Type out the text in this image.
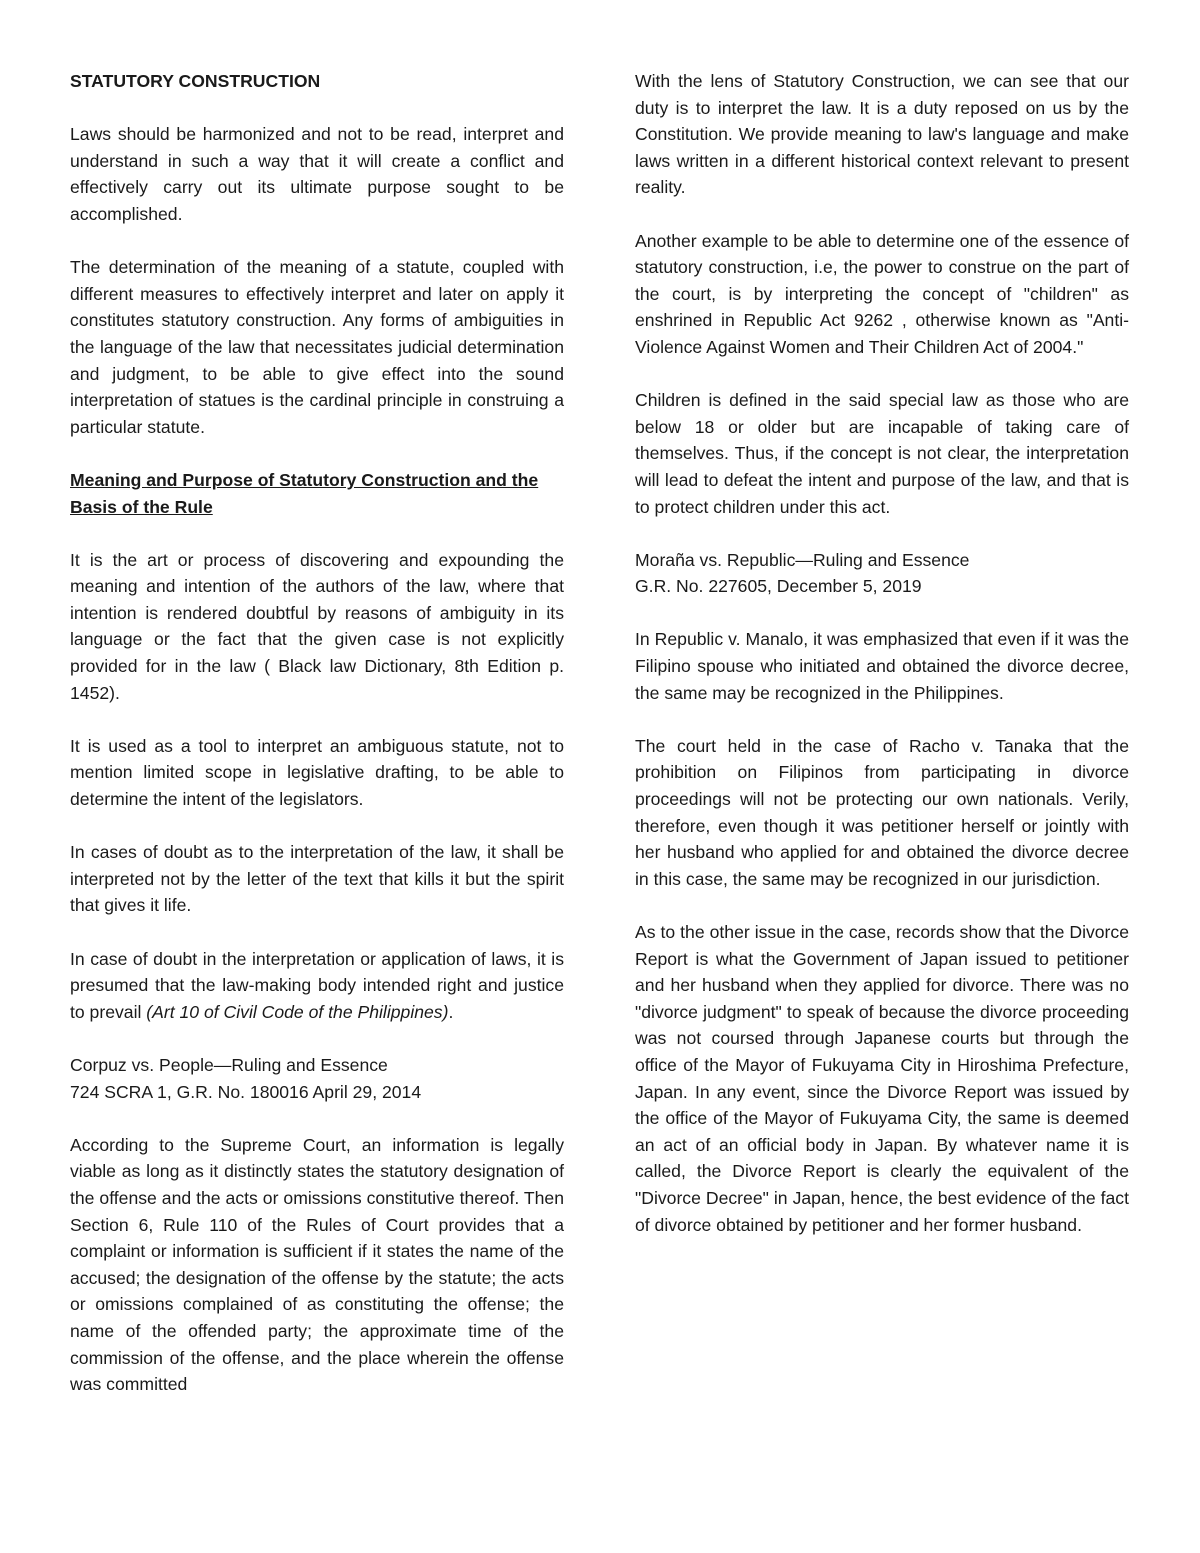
STATUTORY CONSTRUCTION

Laws should be harmonized and not to be read, interpret and understand in such a way that it will create a conflict and effectively carry out its ultimate purpose sought to be accomplished.

The determination of the meaning of a statute, coupled with different measures to effectively interpret and later on apply it constitutes statutory construction. Any forms of ambiguities in the language of the law that necessitates judicial determination and judgment, to be able to give effect into the sound interpretation of statues is the cardinal principle in construing a particular statute.

Meaning and Purpose of Statutory Construction and the Basis of the Rule

It is the art or process of discovering and expounding the meaning and intention of the authors of the law, where that intention is rendered doubtful by reasons of ambiguity in its language or the fact that the given case is not explicitly provided for in the law ( Black law Dictionary, 8th Edition p. 1452).

It is used as a tool to interpret an ambiguous statute, not to mention limited scope in legislative drafting, to be able to determine the intent of the legislators.

In cases of doubt as to the interpretation of the law, it shall be interpreted not by the letter of the text that kills it but the spirit that gives it life.

In case of doubt in the interpretation or application of laws, it is presumed that the law-making body intended right and justice to prevail (Art 10 of Civil Code of the Philippines).

Corpuz vs. People—Ruling and Essence
724 SCRA 1, G.R. No. 180016 April 29, 2014

According to the Supreme Court, an information is legally viable as long as it distinctly states the statutory designation of the offense and the acts or omissions constitutive thereof. Then Section 6, Rule 110 of the Rules of Court provides that a complaint or information is sufficient if it states the name of the accused; the designation of the offense by the statute; the acts or omissions complained of as constituting the offense; the name of the offended party; the approximate time of the commission of the offense, and the place wherein the offense was committed

With the lens of Statutory Construction, we can see that our duty is to interpret the law. It is a duty reposed on us by the Constitution. We provide meaning to law's language and make laws written in a different historical context relevant to present reality.

Another example to be able to determine one of the essence of statutory construction, i.e, the power to construe on the part of the court, is by interpreting the concept of "children" as enshrined in Republic Act 9262 , otherwise known as "Anti-Violence Against Women and Their Children Act of 2004."

Children is defined in the said special law as those who are below 18 or older but are incapable of taking care of themselves. Thus, if the concept is not clear, the interpretation will lead to defeat the intent and purpose of the law, and that is to protect children under this act.

Moraña vs. Republic—Ruling and Essence
G.R. No. 227605, December 5, 2019

In Republic v. Manalo, it was emphasized that even if it was the Filipino spouse who initiated and obtained the divorce decree, the same may be recognized in the Philippines.

The court held in the case of Racho v. Tanaka that the prohibition on Filipinos from participating in divorce proceedings will not be protecting our own nationals. Verily, therefore, even though it was petitioner herself or jointly with her husband who applied for and obtained the divorce decree in this case, the same may be recognized in our jurisdiction.

As to the other issue in the case, records show that the Divorce Report is what the Government of Japan issued to petitioner and her husband when they applied for divorce. There was no "divorce judgment" to speak of because the divorce proceeding was not coursed through Japanese courts but through the office of the Mayor of Fukuyama City in Hiroshima Prefecture, Japan. In any event, since the Divorce Report was issued by the office of the Mayor of Fukuyama City, the same is deemed an act of an official body in Japan. By whatever name it is called, the Divorce Report is clearly the equivalent of the "Divorce Decree" in Japan, hence, the best evidence of the fact of divorce obtained by petitioner and her former husband.
